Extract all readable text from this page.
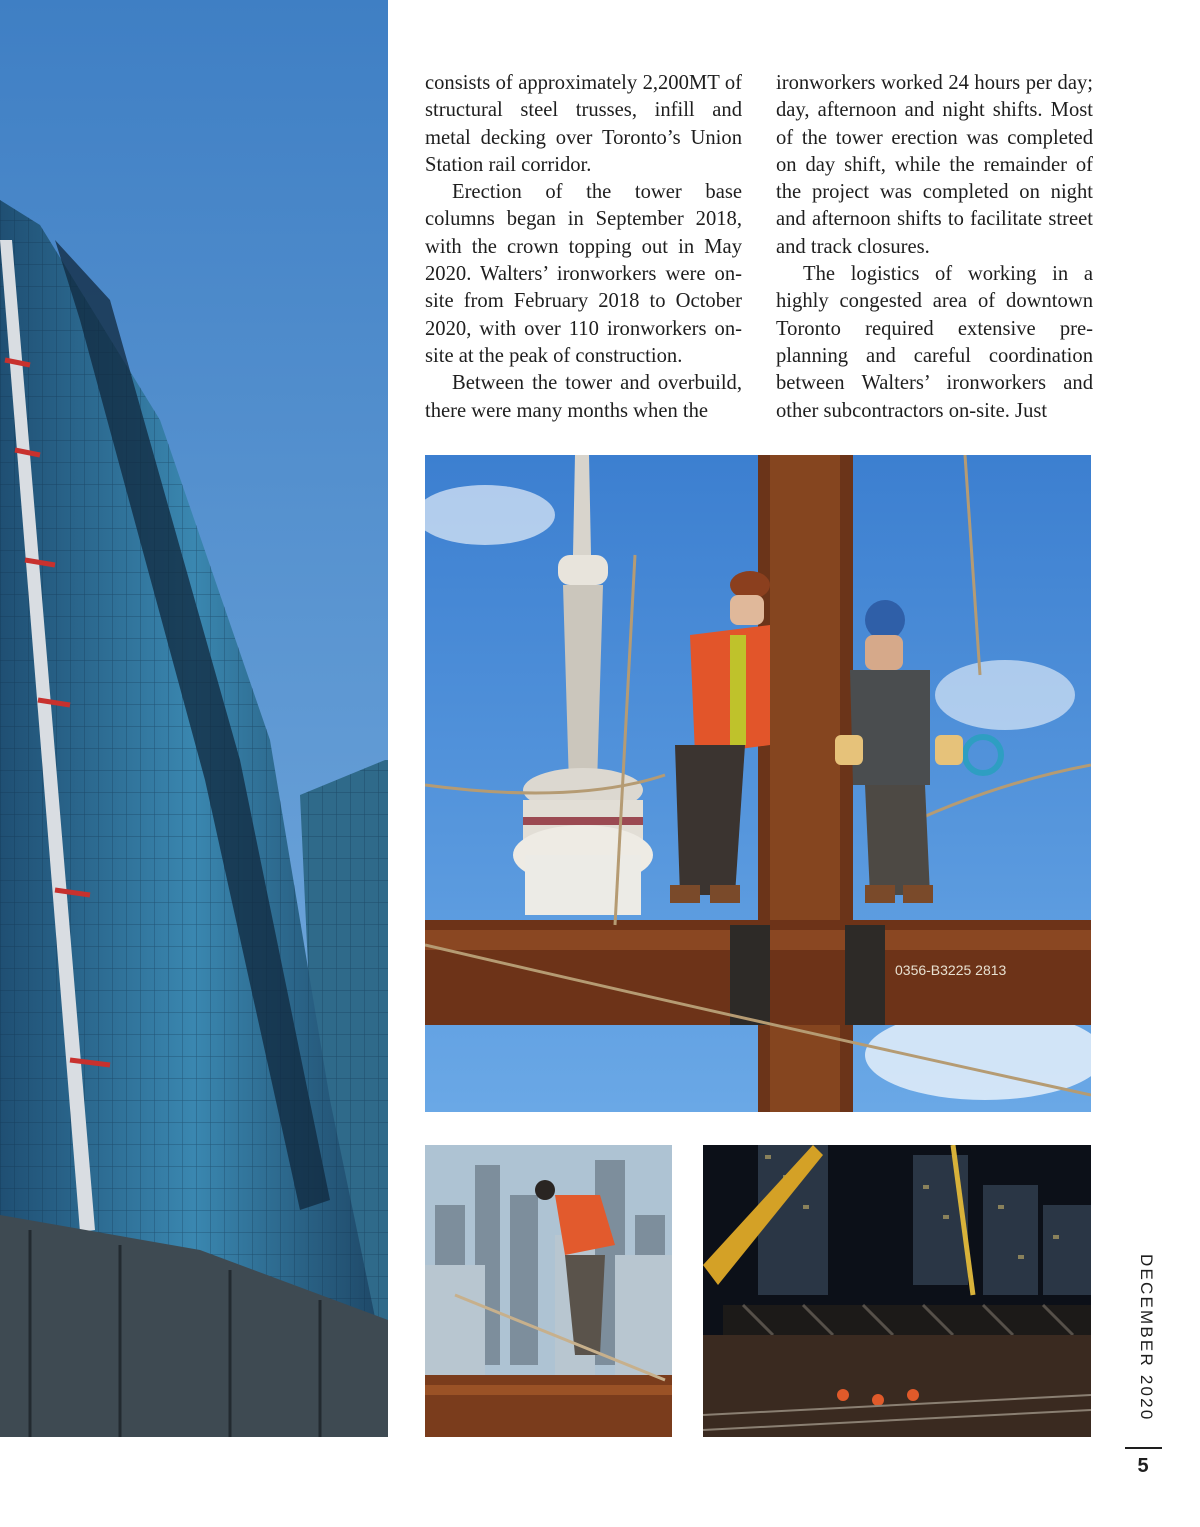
consists of approximately 2,200MT of structural steel trusses, infill and metal decking over Toronto’s Union Station rail corridor.

Erection of the tower base columns began in September 2018, with the crown topping out in May 2020. Walters’ ironworkers were on-site from February 2018 to October 2020, with over 110 ironworkers on-site at the peak of construction.

Between the tower and overbuild, there were many months when the

ironworkers worked 24 hours per day; day, afternoon and night shifts. Most of the tower erection was completed on day shift, while the remainder of the project was completed on night and afternoon shifts to facilitate street and track closures.

The logistics of working in a highly congested area of downtown Toronto required extensive pre-planning and careful coordination between Walters’ ironworkers and other subcontractors on-site. Just

0356-B3225 2813
DECEMBER 2020
5
